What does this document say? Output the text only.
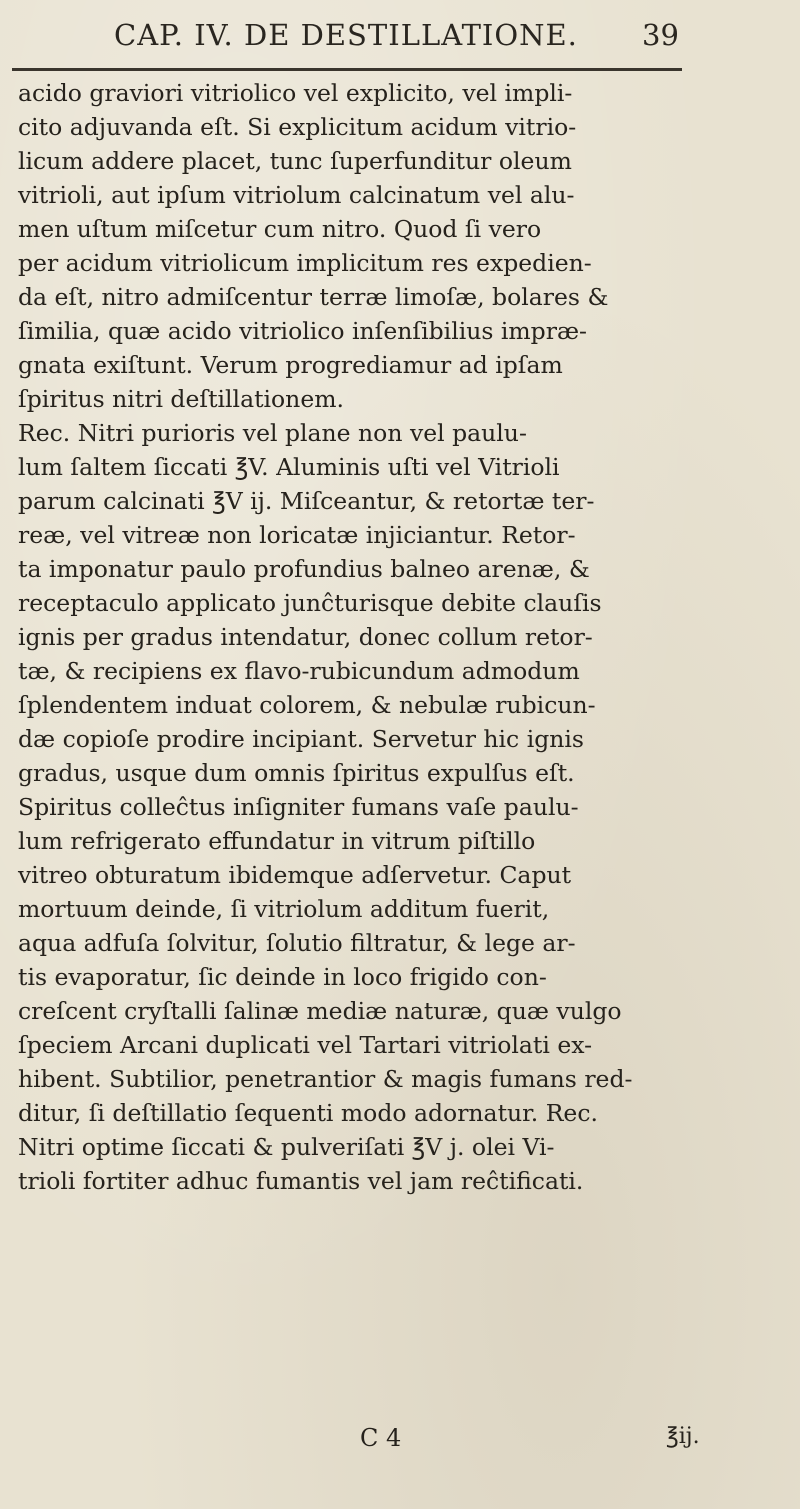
CAP. IV. DE DESTILLATIONE. 39
acido graviori vitriolico vel explicito, vel impli-
cito adjuvanda eſt. Si explicitum acidum vitrio-
licum addere placet, tunc ſuperfunditur oleum
vitrioli, aut ipſum vitriolum calcinatum vel alu-
men uſtum miſcetur cum nitro. Quod ſi vero
per acidum vitriolicum implicitum res expedien-
da eſt, nitro admiſcentur terræ limoſæ, bolares &
ſimilia, quæ acido vitriolico inſenſibilius impræ-
gnata exiſtunt. Verum progrediamur ad ipſam
ſpiritus nitri deſtillationem.
Rec. Nitri purioris vel plane non vel paulu-
lum ſaltem ſiccati ℥V. Aluminis uſti vel Vitrioli
parum calcinati ℥V ij. Miſceantur, & retortæ ter-
reæ, vel vitreæ non loricatæ injiciantur. Retor-
ta imponatur paulo profundius balneo arenæ, &
receptaculo applicato junĉturisque debite clauſis
ignis per gradus intendatur, donec collum retor-
tæ, & recipiens ex flavo-rubicundum admodum
ſplendentem induat colorem, & nebulæ rubicun-
dæ copioſe prodire incipiant. Servetur hic ignis
gradus, usque dum omnis ſpiritus expulſus eſt.
Spiritus colleĉtus inſigniter fumans vaſe paulu-
lum refrigerato effundatur in vitrum piſtillo
vitreo obturatum ibidemque adſervetur. Caput
mortuum deinde, ſi vitriolum additum fuerit,
aqua adfuſa ſolvitur, ſolutio filtratur, & lege ar-
tis evaporatur, ſic deinde in loco frigido con-
creſcent cryſtalli ſalinæ mediæ naturæ, quæ vulgo
ſpeciem Arcani duplicati vel Tartari vitriolati ex-
hibent. Subtilior, penetrantior & magis fumans red-
ditur, ſi deſtillatio ſequenti modo adornatur. Rec.
Nitri optime ſiccati & pulveriſati ℥V j. olei Vi-
trioli fortiter adhuc fumantis vel jam reĉtificati.
C 4	℥ij.
